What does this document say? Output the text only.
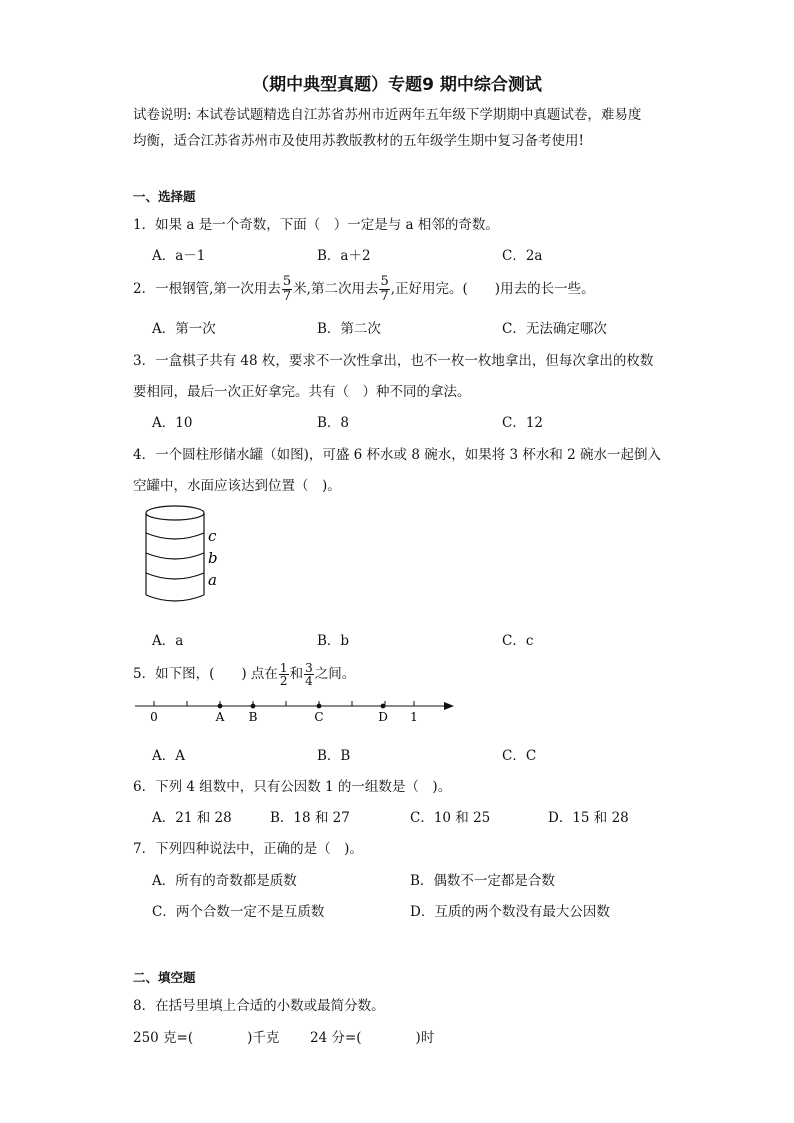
（期中典型真题）专题9 期中综合测试
试卷说明: 本试卷试题精选自江苏省苏州市近两年五年级下学期期中真题试卷，难易度
均衡，适合江苏省苏州市及使用苏教版教材的五年级学生期中复习备考使用!
一、选择题
1．如果 a 是一个奇数，下面（　）一定是与 a 相邻的奇数。
A．a－1	B．a＋2	C．2a
2．一根钢管,第一次用去 $\frac{5}{7}$ 米,第二次用去 $\frac{5}{7}$ ,正好用完。(　　)用去的长一些。
A．第一次	B．第二次	C．无法确定哪次
3．一盒棋子共有 48 枚，要求不一次性拿出，也不一枚一枚地拿出，但每次拿出的枚数
要相同，最后一次正好拿完。共有（　）种不同的拿法。
A．10	B．8	C．12
4．一个圆柱形储水罐（如图)，可盛 6 杯水或 8 碗水，如果将 3 杯水和 2 碗水一起倒入
空罐中，水面应该达到位置（　)。
c
b
a
A．a	B．b	C．c
5．如下图，(　　) 点在 $\frac{1}{2}$ 和 $\frac{3}{4}$ 之间。
0	A B	C	D 1
A．A	B．B	C．C
6．下列 4 组数中，只有公因数 1 的一组数是（　)。
A．21 和 28	B．18 和 27	C．10 和 25	D．15 和 28
7．下列四种说法中，正确的是（　)。
A．所有的奇数都是质数	B．偶数不一定都是合数
C．两个合数一定不是互质数	D．互质的两个数没有最大公因数
二、填空题
8．在括号里填上合适的小数或最简分数。
250 克=(　　　　)千克 24 分=(　　　　)时
